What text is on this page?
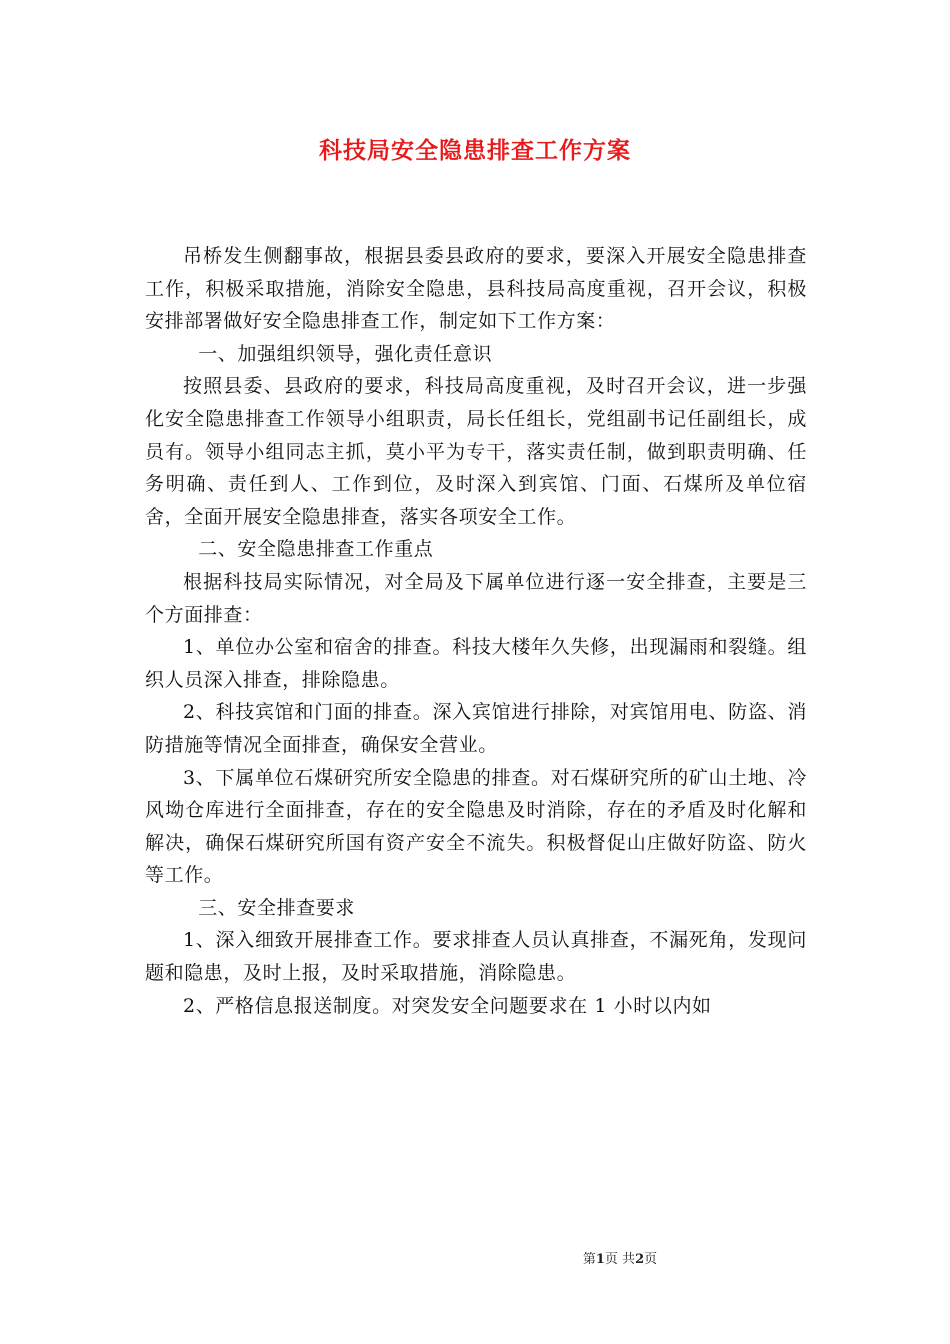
科技局安全隐患排查工作方案

吊桥发生侧翻事故，根据县委县政府的要求，要深入开展安全隐患排查工作，积极采取措施，消除安全隐患，县科技局高度重视，召开会议，积极安排部署做好安全隐患排查工作，制定如下工作方案：

一、加强组织领导，强化责任意识

按照县委、县政府的要求，科技局高度重视，及时召开会议，进一步强化安全隐患排查工作领导小组职责，局长任组长，党组副书记任副组长，成员有。领导小组同志主抓，莫小平为专干，落实责任制，做到职责明确、任务明确、责任到人、工作到位，及时深入到宾馆、门面、石煤所及单位宿舍，全面开展安全隐患排查，落实各项安全工作。

二、安全隐患排查工作重点

根据科技局实际情况，对全局及下属单位进行逐一安全排查，主要是三个方面排查：

1、单位办公室和宿舍的排查。科技大楼年久失修，出现漏雨和裂缝。组织人员深入排查，排除隐患。

2、科技宾馆和门面的排查。深入宾馆进行排除，对宾馆用电、防盗、消防措施等情况全面排查，确保安全营业。

3、下属单位石煤研究所安全隐患的排查。对石煤研究所的矿山土地、冷风坳仓库进行全面排查，存在的安全隐患及时消除，存在的矛盾及时化解和解决，确保石煤研究所国有资产安全不流失。积极督促山庄做好防盗、防火等工作。

三、安全排查要求

1、深入细致开展排查工作。要求排查人员认真排查，不漏死角，发现问题和隐患，及时上报，及时采取措施，消除隐患。

2、严格信息报送制度。对突发安全问题要求在 1 小时以内如

第1页 共2页
